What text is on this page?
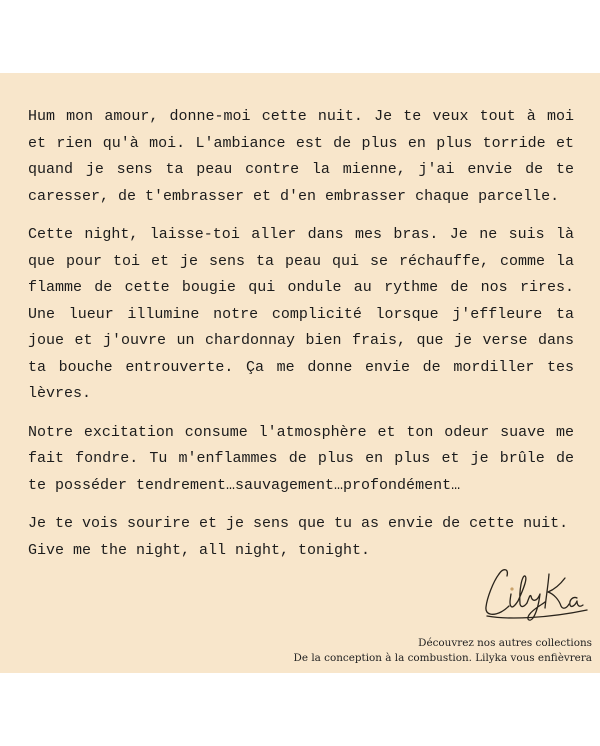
Hum mon amour, donne-moi cette nuit. Je te veux tout à moi et rien qu'à moi. L'ambiance est de plus en plus torride et quand je sens ta peau contre la mienne, j'ai envie de te caresser, de t'embrasser et d'en embrasser chaque parcelle.

Cette night, laisse-toi aller dans mes bras. Je ne suis là que pour toi et je sens ta peau qui se réchauffe, comme la flamme de cette bougie qui ondule au rythme de nos rires. Une lueur illumine notre complicité lorsque j'effleure ta joue et j'ouvre un chardonnay bien frais, que je verse dans ta bouche entrouverte. Ça me donne envie de mordiller tes lèvres.

Notre excitation consume l'atmosphère et ton odeur suave me fait fondre. Tu m'enflammes de plus en plus et je brûle de te posséder tendrement…sauvagement…profondément…

Je te vois sourire et je sens que tu as envie de cette nuit.
Give me the night, all night, tonight.

Découvrez nos autres collections
De la conception à la combustion. Lilyka vous enfièvrera
